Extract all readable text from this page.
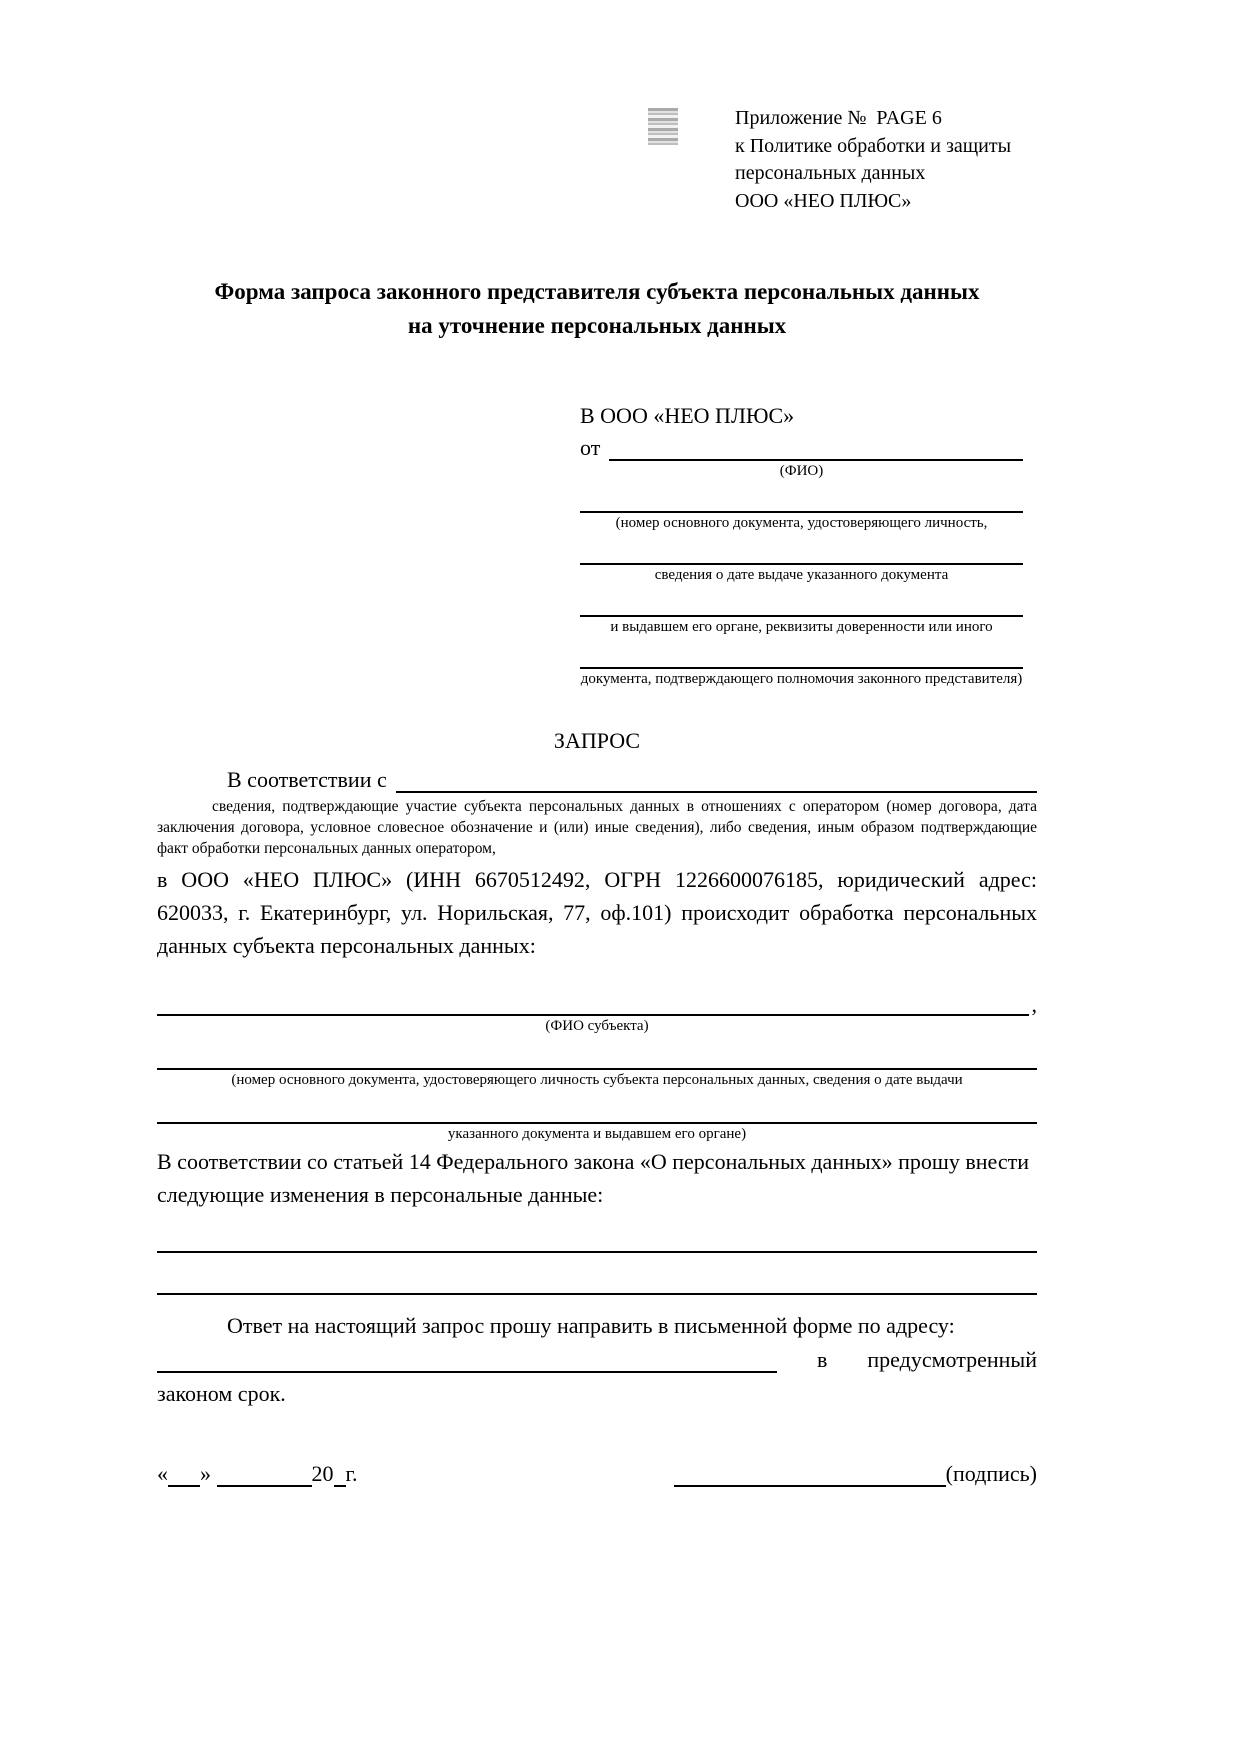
Приложение №  PAGE 6
к Политике обработки и защиты
персональных данных
ООО «НЕО ПЛЮС»
Форма запроса законного представителя субъекта персональных данных
на уточнение персональных данных
В ООО «НЕО ПЛЮС»
от
(ФИО)
(номер основного документа, удостоверяющего личность,
сведения о дате выдаче указанного документа
и выдавшем его органе, реквизиты доверенности или иного
документа, подтверждающего полномочия законного представителя)
ЗАПРОС
В соответствии с
сведения, подтверждающие участие субъекта персональных данных в отношениях с оператором (номер договора, дата заключения договора, условное словесное обозначение и (или) иные сведения), либо сведения, иным образом подтверждающие факт обработки персональных данных оператором,
в ООО «НЕО ПЛЮС» (ИНН 6670512492, ОГРН 1226600076185, юридический адрес: 620033, г. Екатеринбург, ул. Норильская, 77, оф.101) происходит обработка персональных данных субъекта персональных данных:
,
(ФИО субъекта)
(номер основного документа, удостоверяющего личность субъекта персональных данных, сведения о дате выдачи
указанного документа и выдавшем его органе)
В соответствии со статьей 14 Федерального закона «О персональных данных» прошу внести следующие изменения в персональные данные:
Ответ на настоящий запрос прошу направить в письменной форме по адресу:
в предусмотренный
законом срок.
« »
	20 г.	(подпись)
